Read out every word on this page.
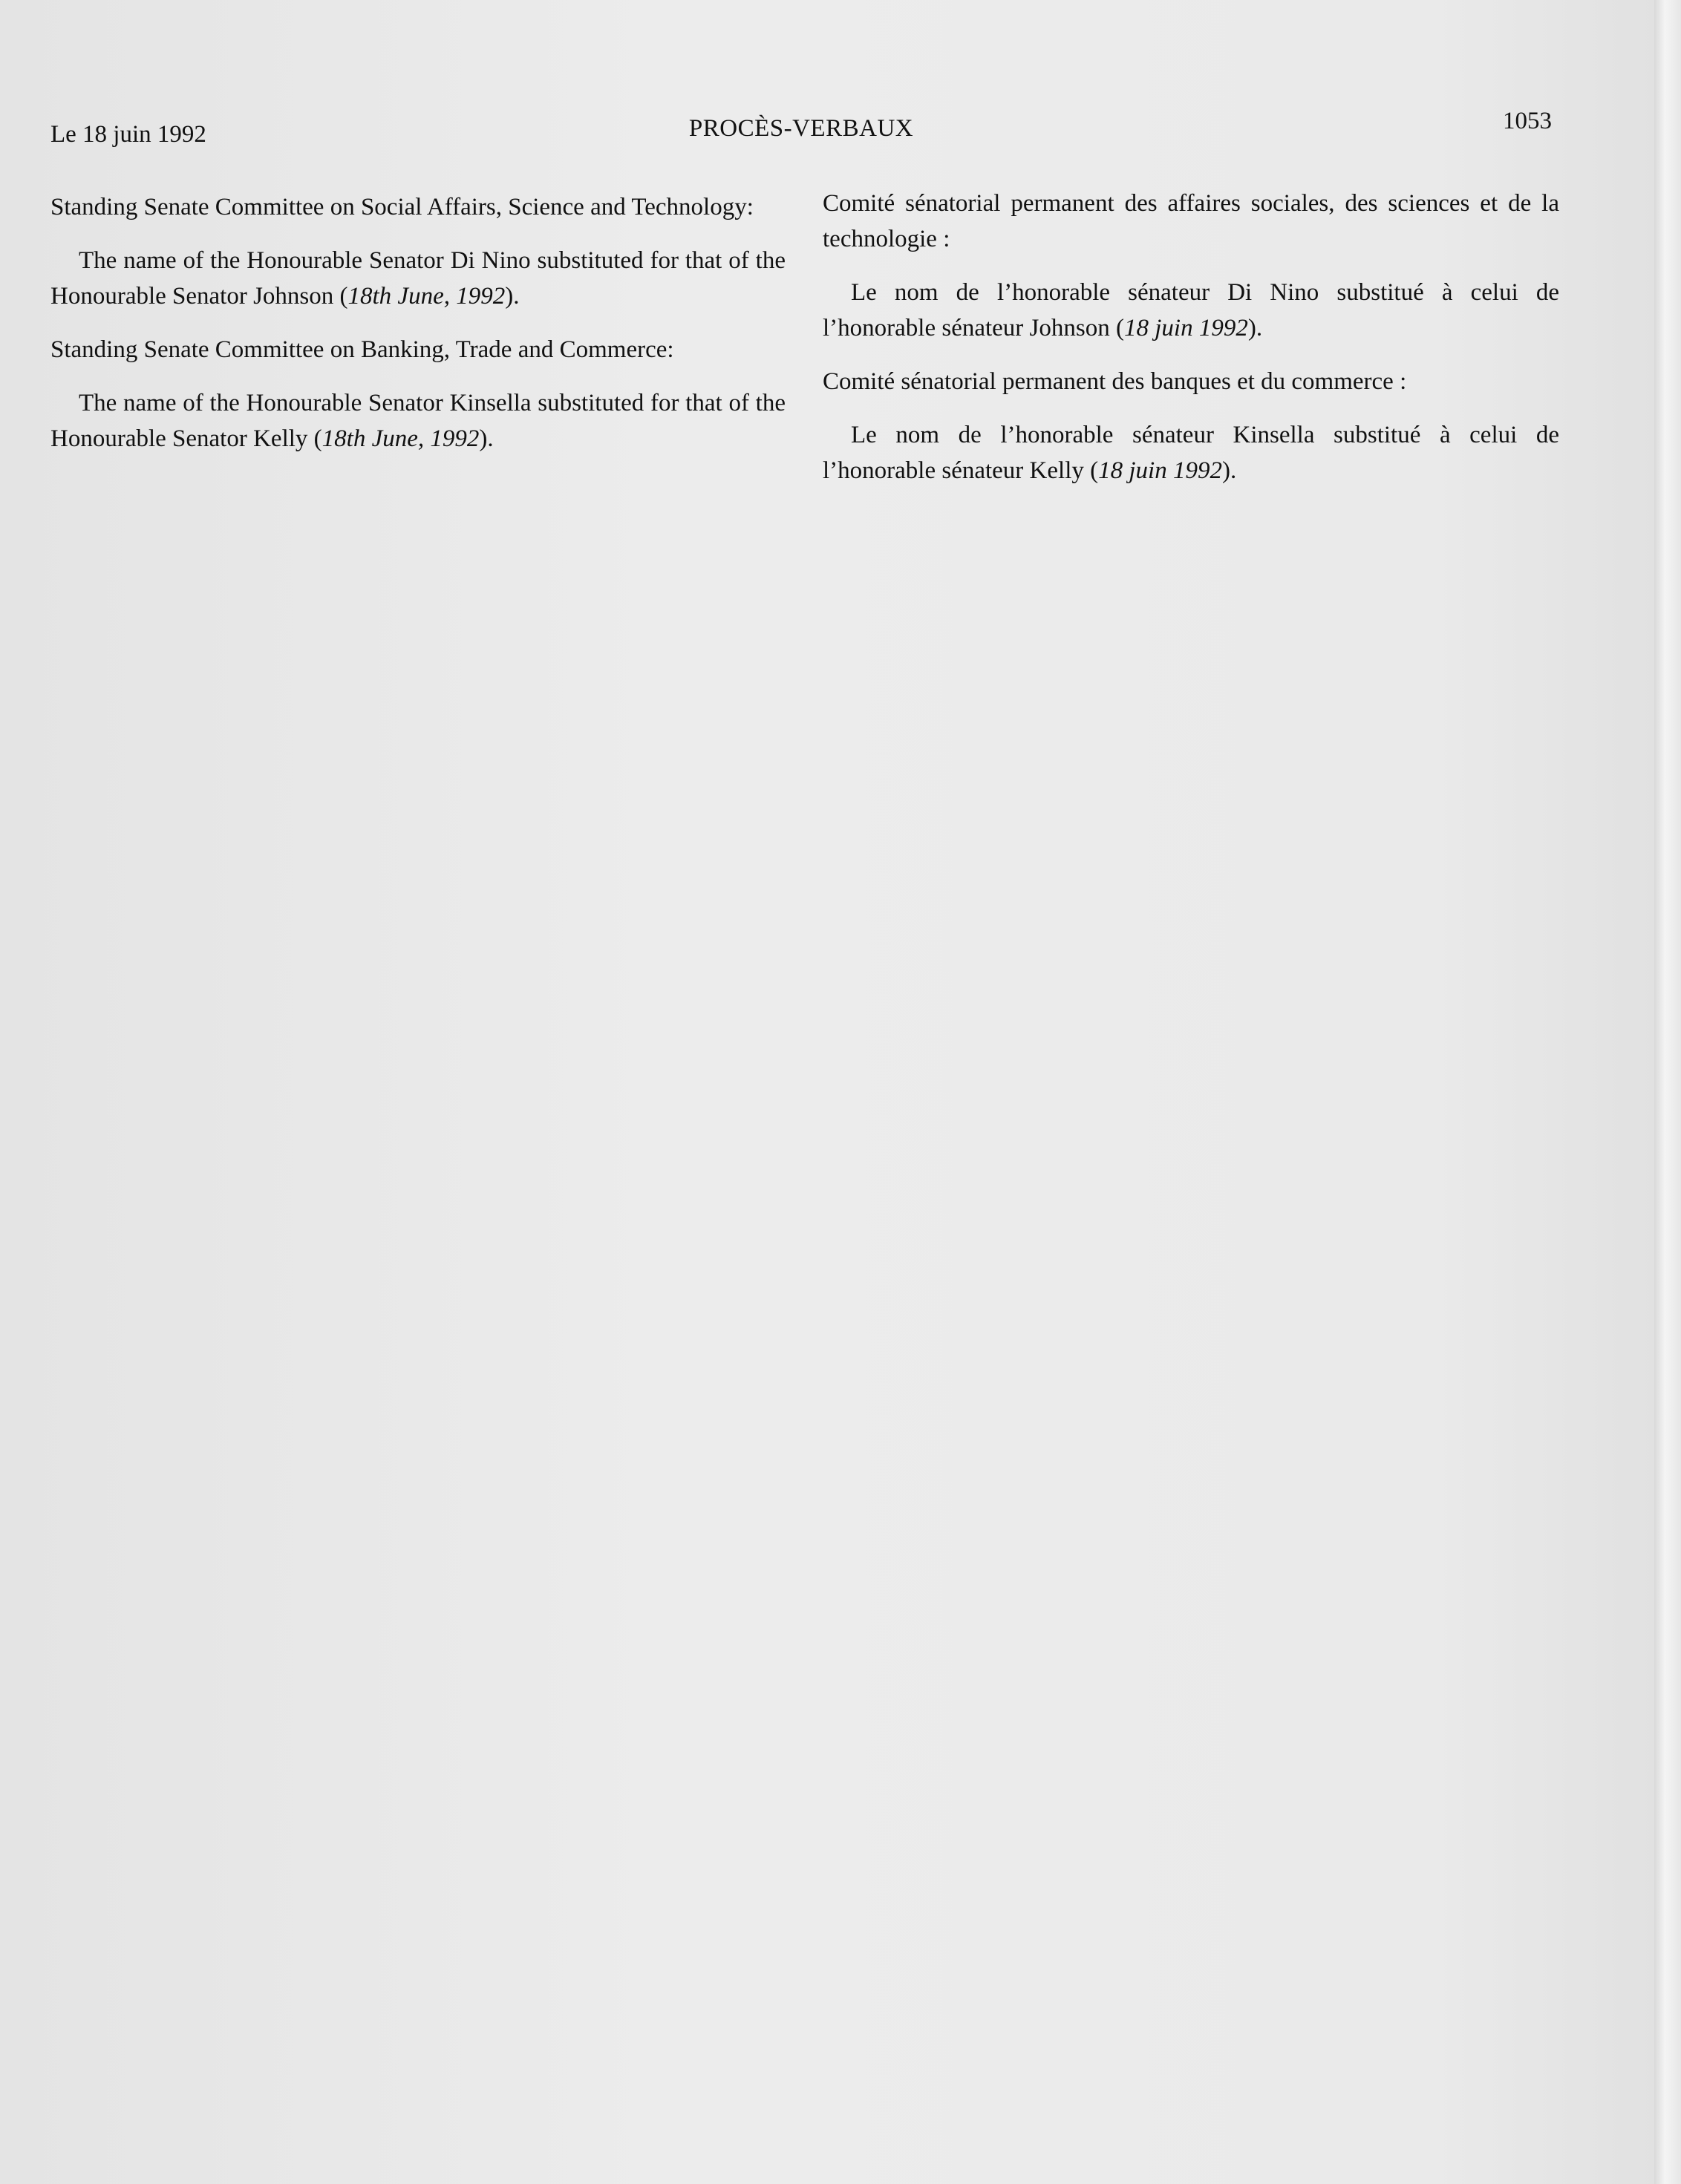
Le 18 juin 1992	PROCÈS-VERBAUX	1053

Standing Senate Committee on Social Affairs, Science and Technology:

The name of the Honourable Senator Di Nino substituted for that of the Honourable Senator Johnson (18th June, 1992).

Standing Senate Committee on Banking, Trade and Commerce:

The name of the Honourable Senator Kinsella substituted for that of the Honourable Senator Kelly (18th June, 1992).

Comité sénatorial permanent des affaires sociales, des sciences et de la technologie :

Le nom de l’honorable sénateur Di Nino substitué à celui de l’honorable sénateur Johnson (18 juin 1992).

Comité sénatorial permanent des banques et du commerce :

Le nom de l’honorable sénateur Kinsella substitué à celui de l’honorable sénateur Kelly (18 juin 1992).
